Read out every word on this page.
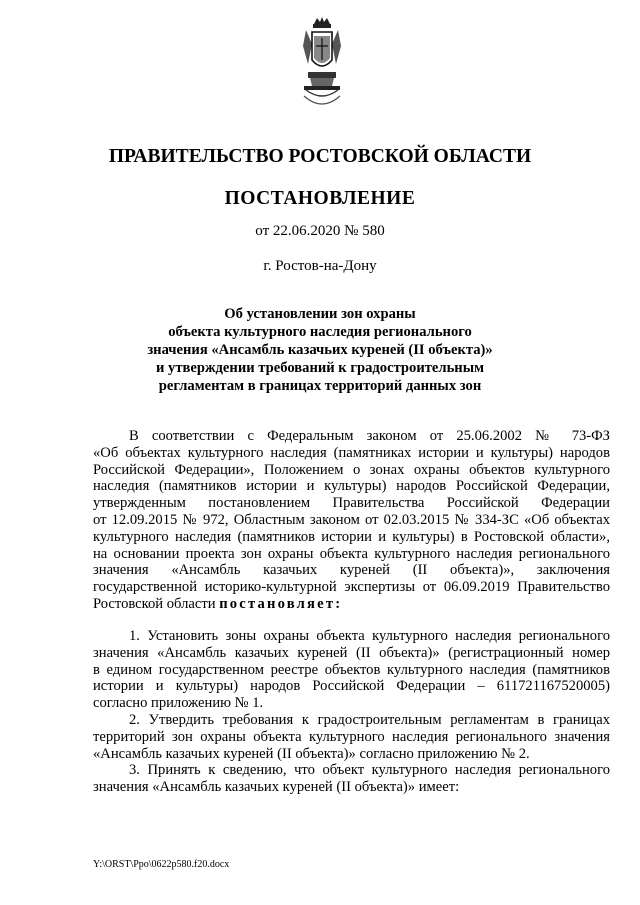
ПРАВИТЕЛЬСТВО РОСТОВСКОЙ ОБЛАСТИ
ПОСТАНОВЛЕНИЕ
от 22.06.2020 № 580
г. Ростов-на-Дону
Об установлении зон охраны
объекта культурного наследия регионального
значения «Ансамбль казачьих куреней (II объекта)»
и утверждении требований к градостроительным
регламентам в границах территорий данных зон
В соответствии с Федеральным законом от 25.06.2002 № 73-ФЗ
«Об объектах культурного наследия (памятниках истории и культуры) народов
Российской Федерации», Положением о зонах охраны объектов культурного
наследия (памятников истории и культуры) народов Российской Федерации,
утвержденным постановлением Правительства Российской Федерации
от 12.09.2015 № 972, Областным законом от 02.03.2015 № 334-ЗС «Об объектах
культурного наследия (памятников истории и культуры) в Ростовской области»,
на основании проекта зон охраны объекта культурного наследия регионального
значения «Ансамбль казачьих куреней (II объекта)», заключения
государственной историко-культурной экспертизы от 06.09.2019 Правительство
Ростовской области постановляет:
1. Установить зоны охраны объекта культурного наследия регионального
значения «Ансамбль казачьих куреней (II объекта)» (регистрационный номер
в едином государственном реестре объектов культурного наследия (памятников
истории и культуры) народов Российской Федерации – 611721167520005)
согласно приложению № 1.
2. Утвердить требования к градостроительным регламентам в границах
территорий зон охраны объекта культурного наследия регионального значения
«Ансамбль казачьих куреней (II объекта)» согласно приложению № 2.
3. Принять к сведению, что объект культурного наследия регионального
значения «Ансамбль казачьих куреней (II объекта)» имеет:
Y:\ORST\Ppo\0622p580.f20.docx
